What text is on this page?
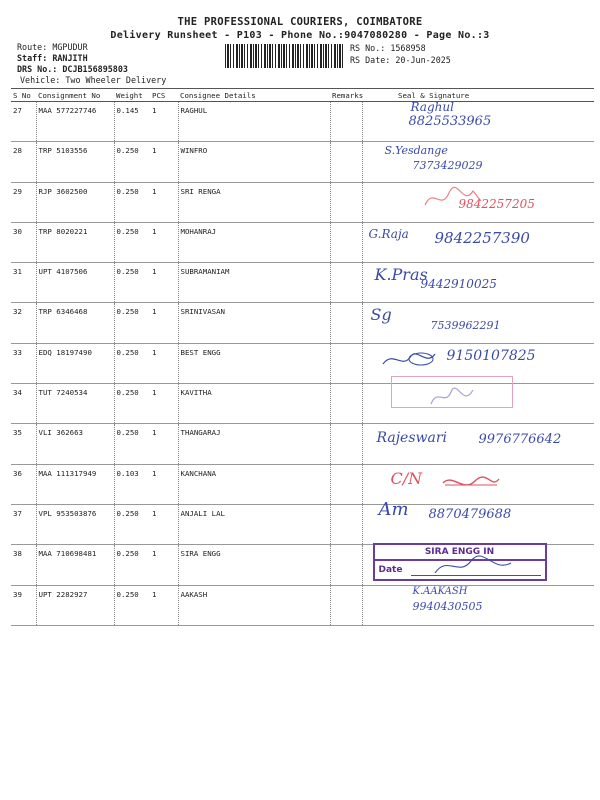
THE PROFESSIONAL COURIERS, COIMBATORE
Delivery Runsheet - P103 - Phone No.:9047080280 - Page No.:3
Route: MGPUDUR
Staff: RANJITH
DRS No.: DCJB156895803
Vehicle: Two Wheeler Delivery
RS No.: 1568958
RS Date: 20-Jun-2025
S No	Consignment No	Weight	PCS	Consignee Details	Remarks	Seal & Signature
27	MAA 577227746	0.145	1	RAGHUL		Raghul
8825533965

28	TRP 5103556	0.250	1	WINFRO		S.Yesdange
7373429029

29	RJP 3602500	0.250	1	SRI RENGA		9842257205

30	TRP 8020221	0.250	1	MOHANRAJ		G.Raja 9842257390

31	UPT 4107506	0.250	1	SUBRAMANIAM		K.Pras
9442910025

32	TRP 6346468	0.250	1	SRINIVASAN		Sg
7539962291

33	EDQ 18197490	0.250	1	BEST ENGG		9150107825

34	TUT 7240534	0.250	1	KAVITHA		

35	VLI 362663	0.250	1	THANGARAJ		Rajeswari 9976776642

36	MAA 111317949	0.103	1	KANCHANA		C/N

37	VPL 953503876	0.250	1	ANJALI LAL		Am 8870479688

38	MAA 710698481	0.250	1	SIRA ENGG		SIRA ENGG IN
Date

39	UPT 2282927	0.250	1	AAKASH		K.AAKASH
9940430505
